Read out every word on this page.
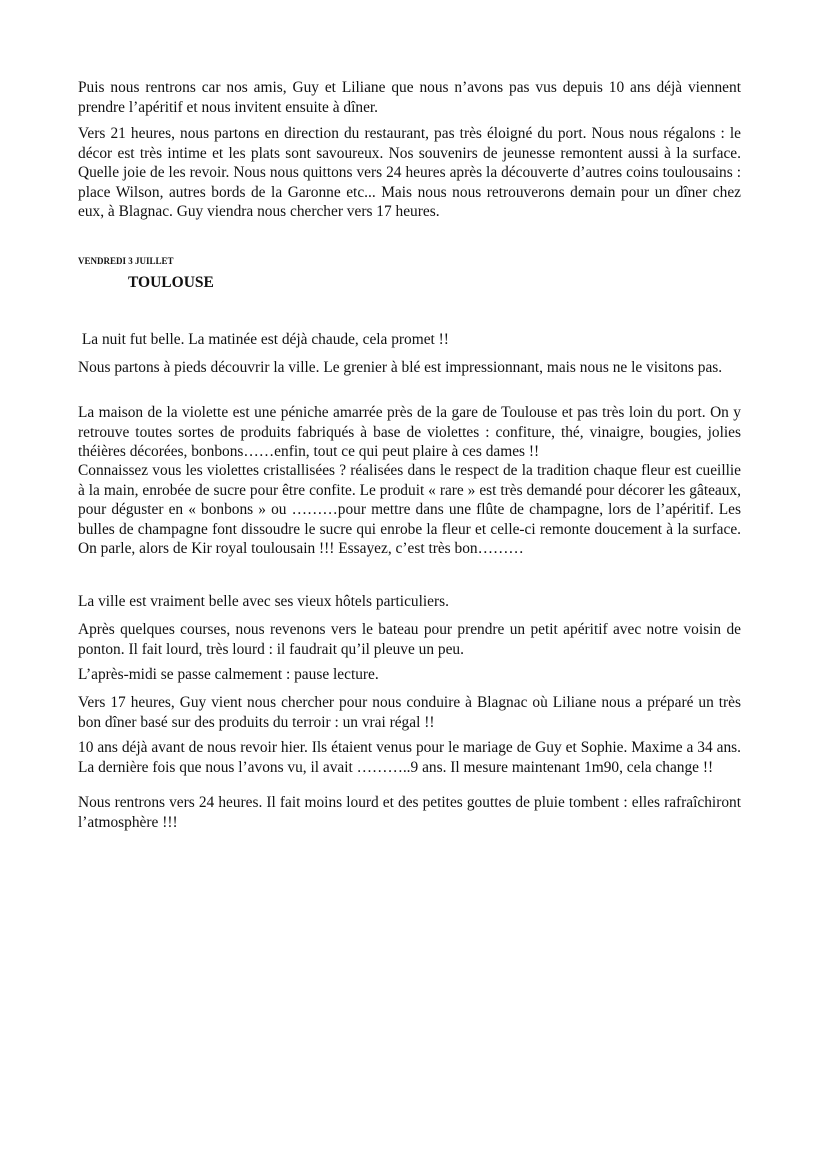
Puis nous rentrons car nos amis, Guy et Liliane que nous n’avons pas vus depuis 10 ans déjà viennent prendre l’apéritif et nous invitent ensuite à dîner.

Vers 21 heures, nous partons en direction du restaurant, pas très éloigné du port. Nous nous régalons : le décor est très intime et les plats sont savoureux. Nos souvenirs de jeunesse remontent aussi à la surface. Quelle joie de les revoir. Nous nous quittons vers 24 heures après la découverte d’autres coins toulousains : place Wilson, autres bords de la Garonne etc... Mais nous nous retrouverons demain pour un dîner chez eux, à Blagnac. Guy viendra nous chercher vers 17 heures.

VENDREDI 3 JUILLET

TOULOUSE

La nuit fut belle. La matinée est déjà chaude, cela promet !!

Nous partons à pieds découvrir la ville. Le grenier à blé est impressionnant, mais nous ne le visitons pas.

La maison de la violette est une péniche amarrée près de la gare de Toulouse et pas très loin du port. On y retrouve toutes sortes de produits fabriqués à base de violettes : confiture, thé, vinaigre, bougies, jolies théières décorées, bonbons……enfin, tout ce qui peut plaire à ces dames !!

Connaissez vous les violettes cristallisées ? réalisées dans le respect de la tradition chaque fleur est cueillie à la main, enrobée de sucre pour être confite. Le produit « rare » est très demandé pour décorer les gâteaux, pour déguster en « bonbons » ou ………pour mettre dans une flûte de champagne, lors de l’apéritif. Les bulles de champagne font dissoudre le sucre qui enrobe la fleur et celle-ci remonte doucement à la surface. On parle, alors de Kir royal toulousain !!! Essayez, c’est très bon………

La ville est vraiment belle avec ses vieux hôtels particuliers.

Après quelques courses, nous revenons vers le bateau pour prendre un petit apéritif avec notre voisin de ponton. Il fait lourd, très lourd : il faudrait qu’il pleuve un peu.

L’après-midi se passe calmement : pause lecture.

Vers 17 heures, Guy vient nous chercher pour nous conduire à Blagnac où Liliane nous a préparé un très bon dîner basé sur des produits du terroir : un vrai régal !!

10 ans déjà avant de nous revoir hier. Ils étaient venus pour le mariage de Guy et Sophie. Maxime a 34 ans. La dernière fois que nous l’avons vu, il avait ………..9 ans. Il mesure maintenant 1m90, cela change !!

Nous rentrons vers 24 heures. Il fait moins lourd et des petites gouttes de pluie tombent : elles rafraîchiront l’atmosphère !!!
